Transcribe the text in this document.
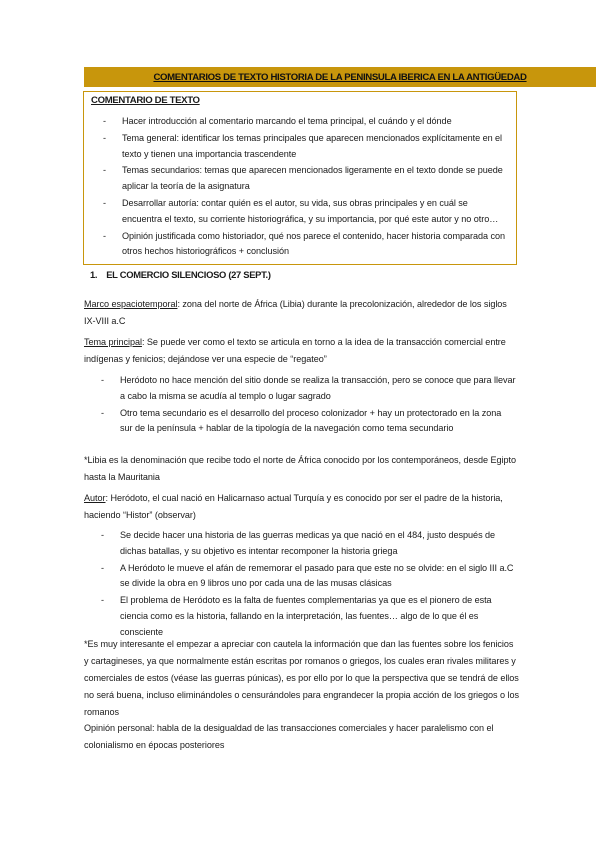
COMENTARIOS DE TEXTO HISTORIA DE LA PENINSULA IBERICA EN LA ANTIGÜEDAD
COMENTARIO DE TEXTO
- Hacer introducción al comentario marcando el tema principal, el cuándo y el dónde
- Tema general: identificar los temas principales que aparecen mencionados explícitamente en el texto y tienen una importancia trascendente
- Temas secundarios: temas que aparecen mencionados ligeramente en el texto donde se puede aplicar la teoría de la asignatura
- Desarrollar autoría: contar quién es el autor, su vida, sus obras principales y en cuál se encuentra el texto, su corriente historiográfica, y su importancia, por qué este autor y no otro…
- Opinión justificada como historiador, qué nos parece el contenido, hacer historia comparada con otros hechos historiográficos + conclusión
1. EL COMERCIO SILENCIOSO (27 SEPT.)
Marco espaciotemporal: zona del norte de África (Libia) durante la precolonización, alrededor de los siglos IX-VIII a.C
Tema principal: Se puede ver como el texto se articula en torno a la idea de la transacción comercial entre indígenas y fenicios; dejándose ver una especie de “regateo”
- Heródoto no hace mención del sitio donde se realiza la transacción, pero se conoce que para llevar a cabo la misma se acudía al templo o lugar sagrado
- Otro tema secundario es el desarrollo del proceso colonizador + hay un protectorado en la zona sur de la península + hablar de la tipología de la navegación como tema secundario
*Libia es la denominación que recibe todo el norte de África conocido por los contemporáneos, desde Egipto hasta la Mauritania
Autor: Heródoto, el cual nació en Halicarnaso actual Turquía y es conocido por ser el padre de la historia, haciendo “Histor” (observar)
- Se decide hacer una historia de las guerras medicas ya que nació en el 484, justo después de dichas batallas, y su objetivo es intentar recomponer la historia griega
- A Heródoto le mueve el afán de rememorar el pasado para que este no se olvide: en el siglo III a.C se divide la obra en 9 libros uno por cada una de las musas clásicas
- El problema de Heródoto es la falta de fuentes complementarias ya que es el pionero de esta ciencia como es la historia, fallando en la interpretación, las fuentes… algo de lo que él es consciente
*Es muy interesante el empezar a apreciar con cautela la información que dan las fuentes sobre los fenicios y cartagineses, ya que normalmente están escritas por romanos o griegos, los cuales eran rivales militares y comerciales de estos (véase las guerras púnicas), es por ello por lo que la perspectiva que se tendrá de ellos no será buena, incluso eliminándoles o censurándoles para engrandecer la propia acción de los griegos o los romanos
Opinión personal: habla de la desigualdad de las transacciones comerciales y hacer paralelismo con el colonialismo en épocas posteriores
